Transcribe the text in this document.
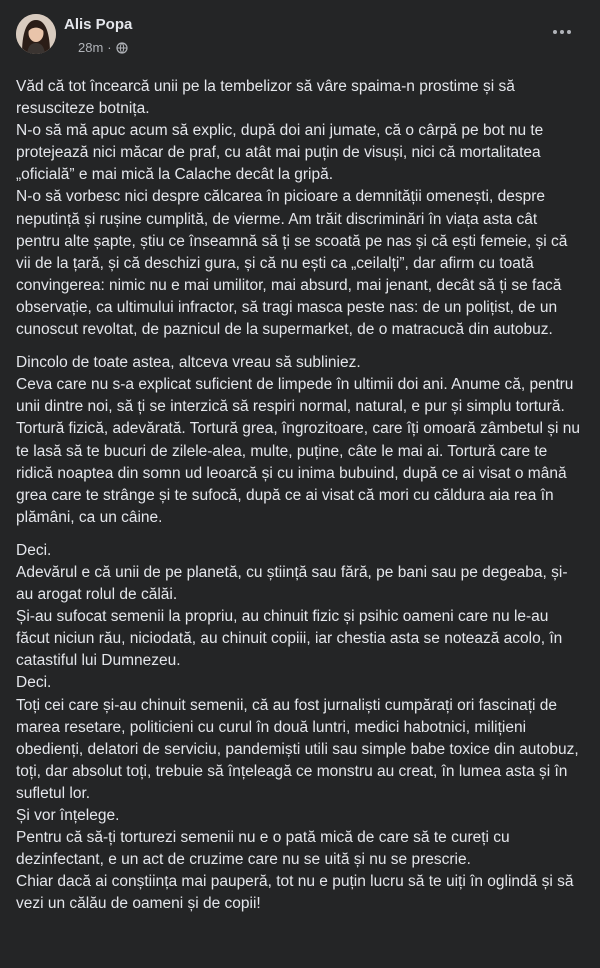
Alis Popa
28m ·

Văd că tot încearcă unii pe la tembelizor să vâre spaima-n prostime și să resusciteze botnița.
N-o să mă apuc acum să explic, după doi ani jumate, că o cârpă pe bot nu te protejează nici măcar de praf, cu atât mai puțin de visuși, nici că mortalitatea „oficială” e mai mică la Calache decât la gripă.
N-o să vorbesc nici despre călcarea în picioare a demnității omenești, despre neputință și rușine cumplită, de vierme. Am trăit discriminări în viața asta cât pentru alte șapte, știu ce înseamnă să ți se scoată pe nas și că ești femeie, și că vii de la țară, și că deschizi gura, și că nu ești ca „ceilalți”, dar afirm cu toată convingerea: nimic nu e mai umilitor, mai absurd, mai jenant, decât să ți se facă observație, ca ultimului infractor, să tragi masca peste nas: de un polițist, de un cunoscut revoltat, de paznicul de la supermarket, de o matracucă din autobuz.

Dincolo de toate astea, altceva vreau să subliniez.
Ceva care nu s-a explicat suficient de limpede în ultimii doi ani. Anume că, pentru unii dintre noi, să ți se interzică să respiri normal, natural, e pur și simplu tortură.
Tortură fizică, adevărată. Tortură grea, îngrozitoare, care îți omoară zâmbetul și nu te lasă să te bucuri de zilele-alea, multe, puține, câte le mai ai. Tortură care te ridică noaptea din somn ud leoarcă și cu inima bubuind, după ce ai visat o mână grea care te strânge și te sufocă, după ce ai visat că mori cu căldura aia rea în plămâni, ca un câine.

Deci.
Adevărul e că unii de pe planetă, cu știință sau fără, pe bani sau pe degeaba, și-au arogat rolul de călăi.
Și-au sufocat semenii la propriu, au chinuit fizic și psihic oameni care nu le-au făcut niciun rău, niciodată, au chinuit copiii, iar chestia asta se notează acolo, în catastiful lui Dumnezeu.
Deci.
Toți cei care și-au chinuit semenii, că au fost jurnaliști cumpărați ori fascinați de marea resetare, politicieni cu curul în două luntri, medici habotnici, milițieni obedienți, delatori de serviciu, pandemiști utili sau simple babe toxice din autobuz, toți, dar absolut toți, trebuie să înțeleagă ce monstru au creat, în lumea asta și în sufletul lor.
Și vor înțelege.
Pentru că să-ți torturezi semenii nu e o pată mică de care să te cureți cu dezinfectant, e un act de cruzime care nu se uită și nu se prescrie.
Chiar dacă ai conștiința mai pauperă, tot nu e puțin lucru să te uiți în oglindă și să vezi un călău de oameni și de copii!
